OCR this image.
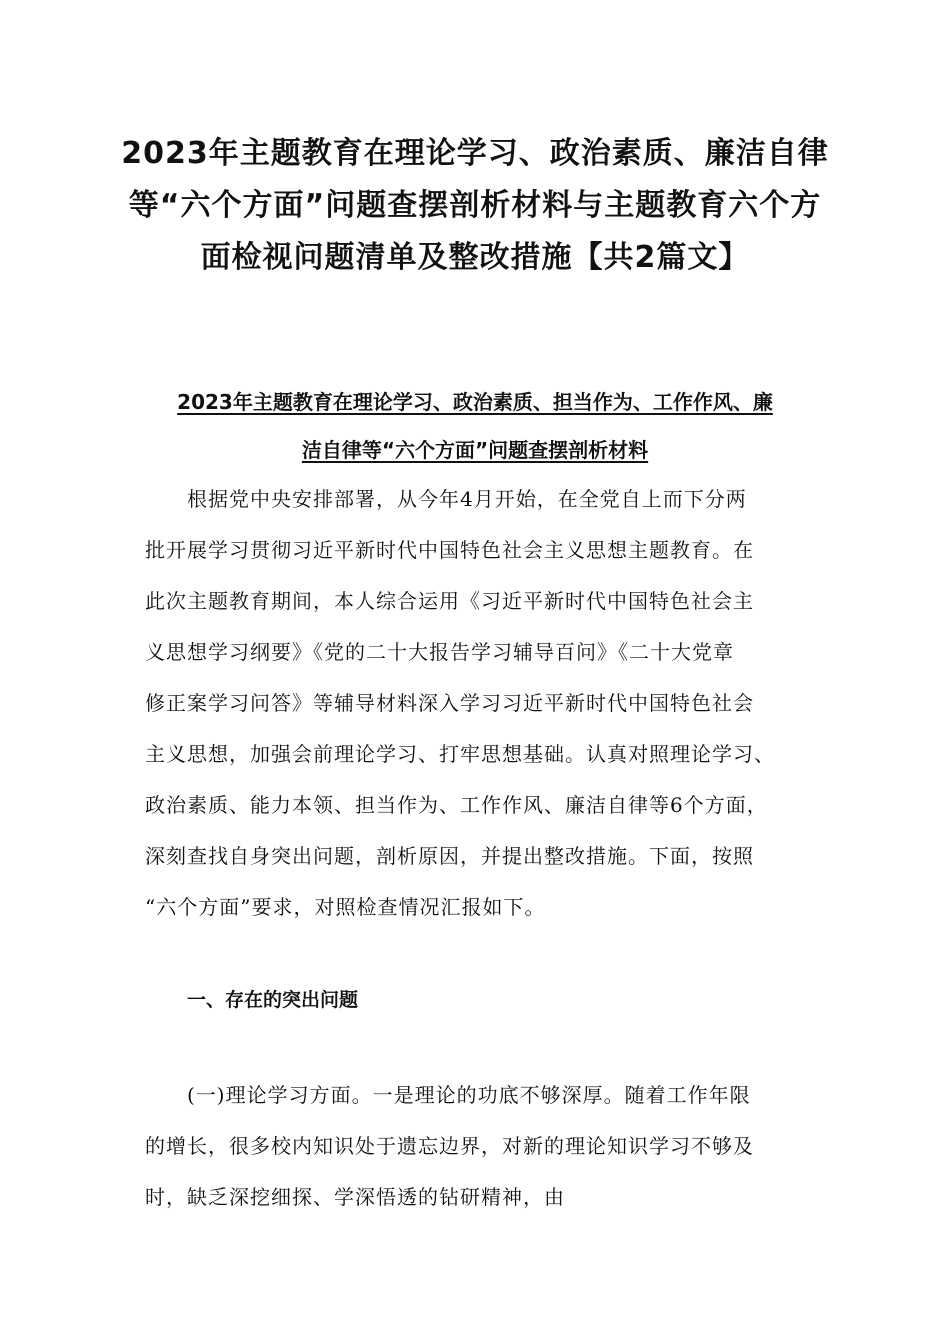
2023年主题教育在理论学习、政治素质、廉洁自律
等“六个方面”问题查摆剖析材料与主题教育六个方
面检视问题清单及整改措施【共2篇文】
2023年主题教育在理论学习、政治素质、担当作为、工作作风、廉
洁自律等“六个方面”问题查摆剖析材料
根据党中央安排部署，从今年4月开始，在全党自上而下分两
批开展学习贯彻习近平新时代中国特色社会主义思想主题教育。在
此次主题教育期间，本人综合运用《习近平新时代中国特色社会主
义思想学习纲要》《党的二十大报告学习辅导百问》《二十大党章
修正案学习问答》等辅导材料深入学习习近平新时代中国特色社会
主义思想，加强会前理论学习、打牢思想基础。认真对照理论学习、
政治素质、能力本领、担当作为、工作作风、廉洁自律等6个方面，
深刻查找自身突出问题，剖析原因，并提出整改措施。下面，按照
“六个方面”要求，对照检查情况汇报如下。
一、存在的突出问题
(一)理论学习方面。一是理论的功底不够深厚。随着工作年限
的增长，很多校内知识处于遗忘边界，对新的理论知识学习不够及
时，缺乏深挖细探、学深悟透的钻研精神，由
